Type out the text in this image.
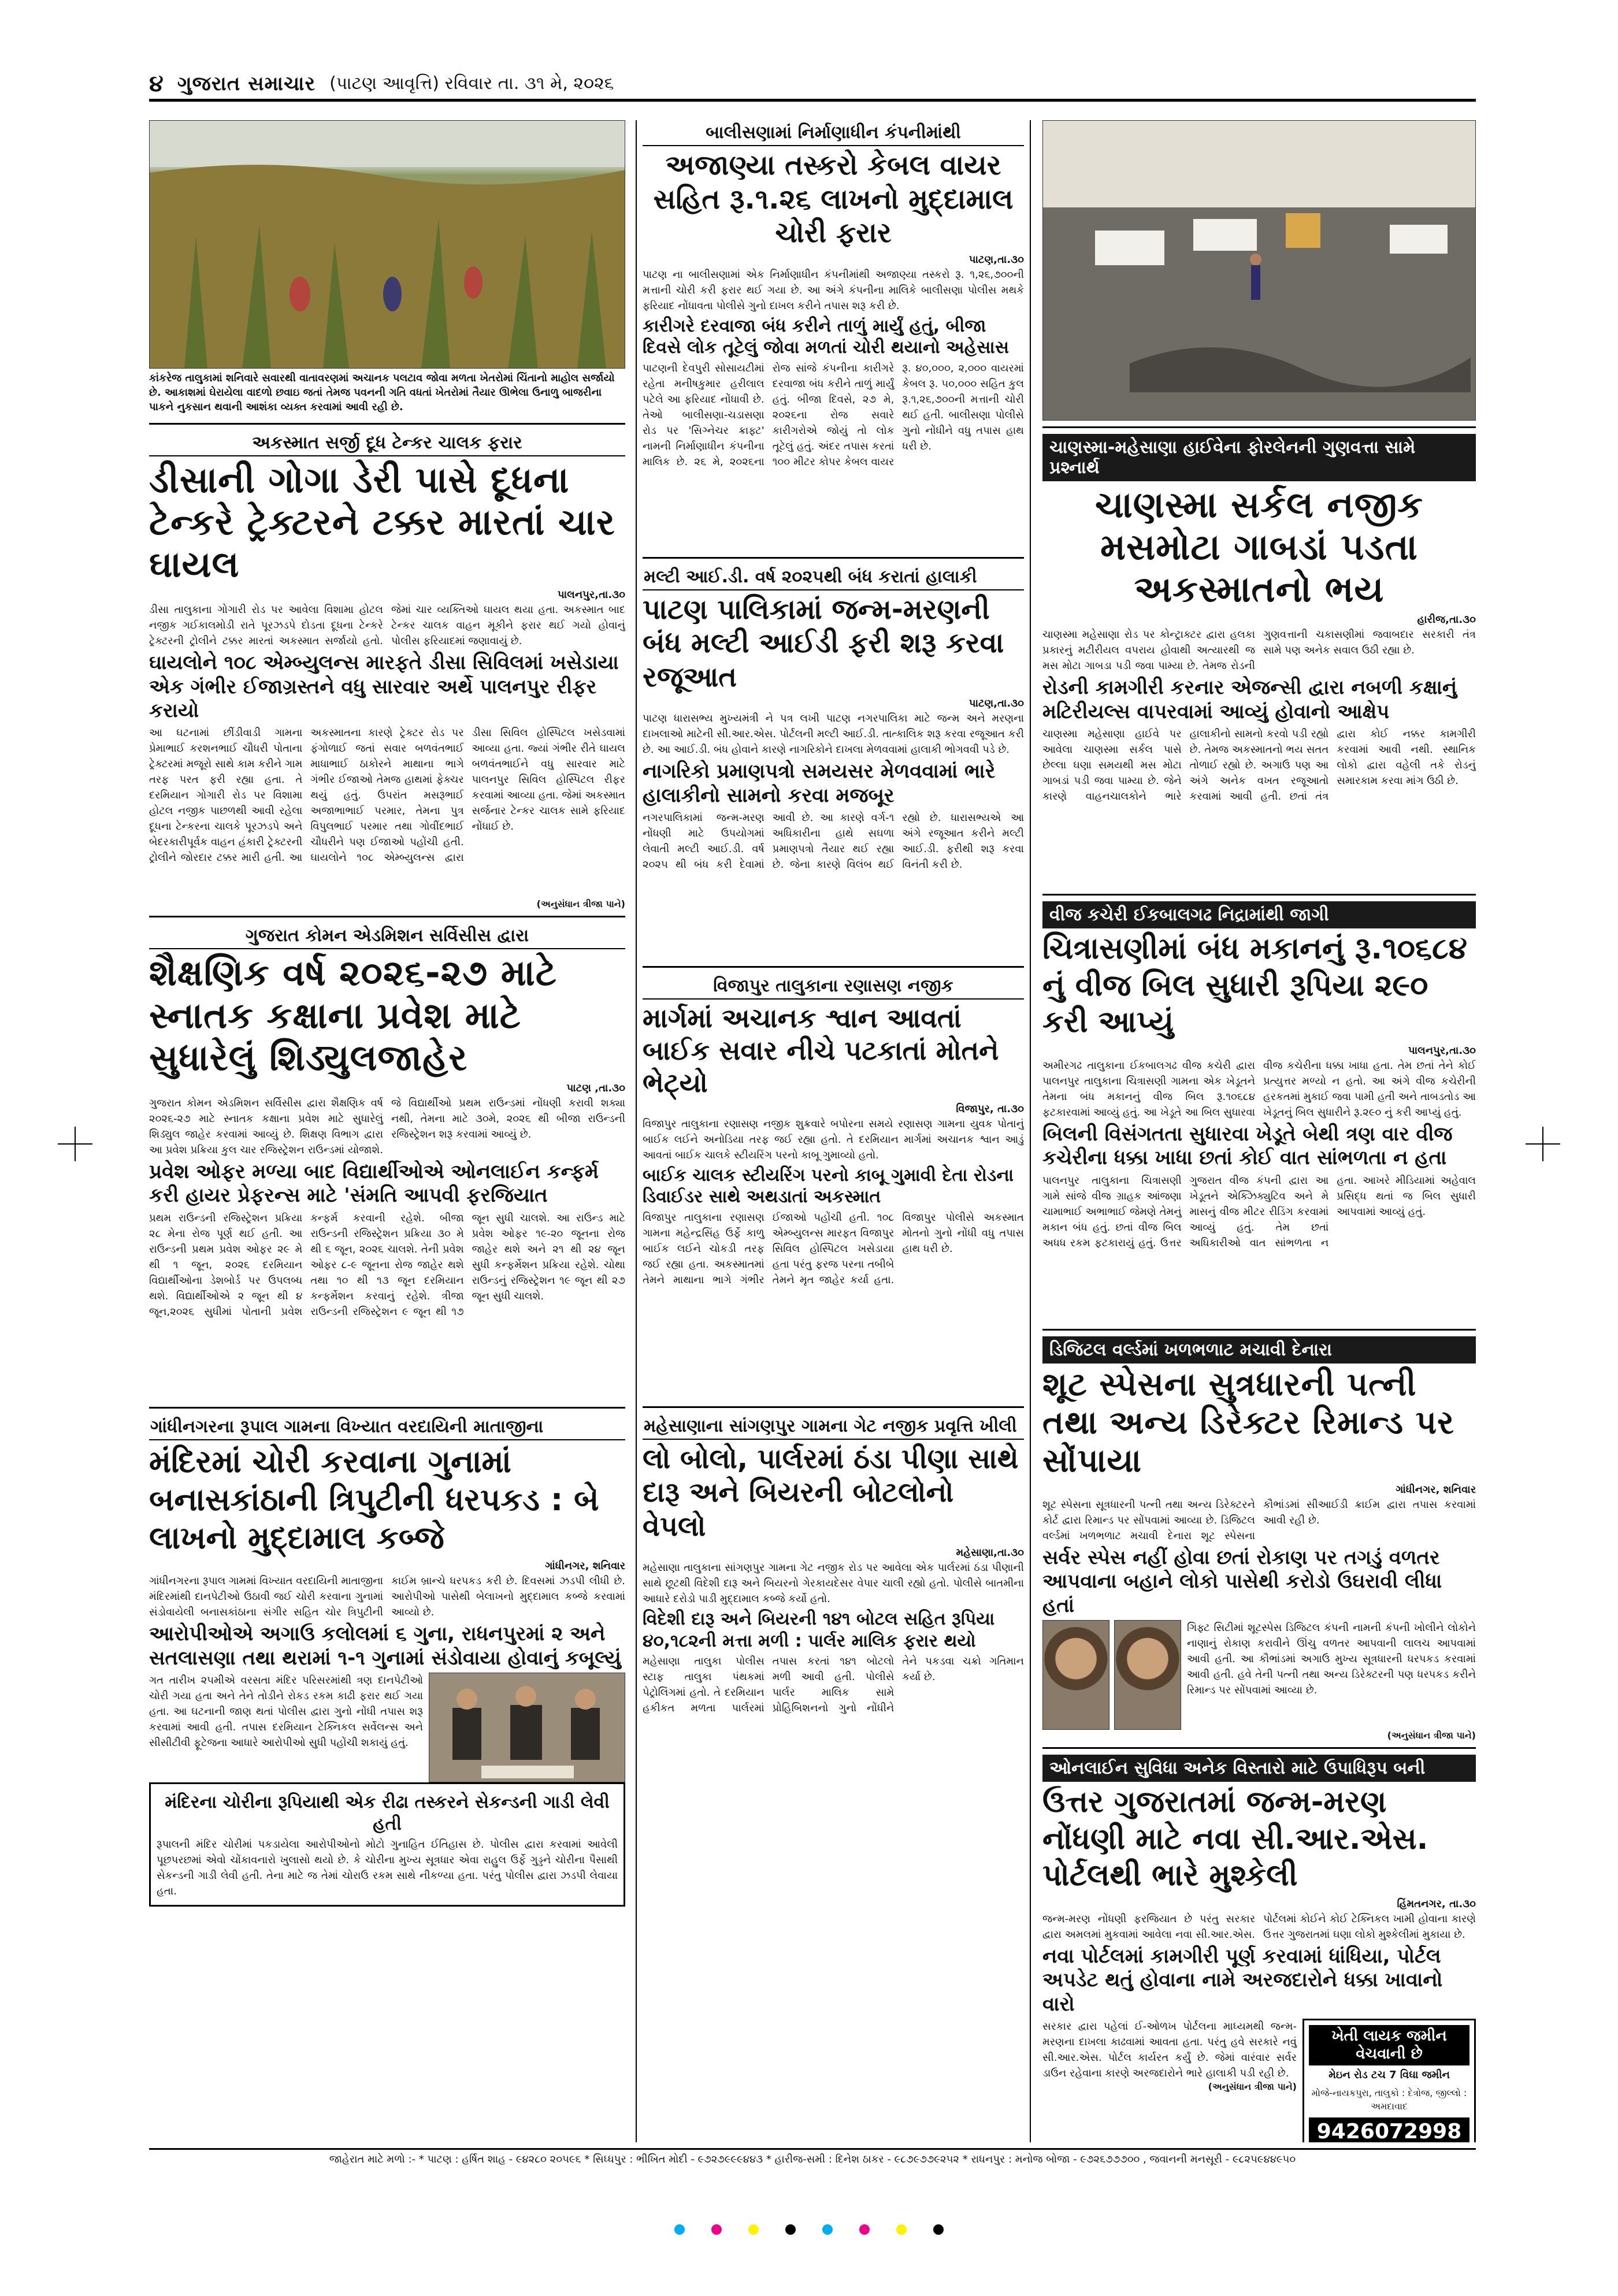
૪ ગુજરાત સમાચાર (પાટણ આવૃત્તિ) રવિવાર તા. ૩૧ મે, ૨૦૨૬
કાંકરેજ તાલુકામાં શનિવારે સવારથી વાતાવરણમાં અચાનક પલટાવ જોવા મળતા ખેતરોમાં ચિંતાનો માહોલ સર્જાયો છે. આકાશમાં ઘેરાયેલા વાદળો છવાઇ જતાં તેમજ પવનની ગતિ વધતાં ખેતરોમાં તૈયાર ઊભેલા ઉનાળુ બાજરીના પાકને નુકસાન થવાની આશંકા વ્યક્ત કરવામાં આવી રહી છે.
અકસ્માત સર્જી દૂધ ટેન્કર ચાલક ફરાર
ડીસાની ગોગા ડેરી પાસે દૂધના ટેન્કરે ટ્રેક્ટરને ટક્કર મારતાં ચાર ઘાયલ
પાલનપુર,તા.૩૦
ડીસા તાલુકાના ગોગારી રોડ પર આવેલા વિશામા હોટલ નજીક ગઈકાલમોડી રાતે પૂરઝડપે દોડતા દૂધના ટેન્કરે ટ્રેક્ટરની ટ્રોલીને ટક્કર મારતાં અકસ્માત સર્જાયો હતો. જેમાં ચાર વ્યક્તિઓ ઘાયલ થયા હતા. અકસ્માત બાદ ટેન્કર ચાલક વાહન મૂકીને ફરાર થઈ ગયો હોવાનું પોલીસ ફરિયાદમાં જણાવાયું છે.
ઘાયલોને ૧૦૮ એમ્બ્યુલન્સ મારફતે ડીસા સિવિલમાં ખસેડાયા એક ગંભીર ઈજાગ્રસ્તને વધુ સારવાર અર્થે પાલનપુર રીફર કરાયો
આ ઘટનામાં છીંડીવાડી ગામના પ્રેમાભાઈ કરશનભાઈ ચૌધરી પોતાના ટ્રેક્ટરમાં મજૂરો સાથે કામ કરીને ગામ તરફ પરત ફરી રહ્યા હતા. તે દરમિયાન ગોગારી રોડ પર વિશામા હોટલ નજીક પાછળથી આવી રહેલા દૂધના ટેન્કરના ચાલકે પૂરઝડપે અને બેદરકારીપૂર્વક વાહન હંકારી ટ્રેક્ટરની ટ્રોલીને જોરદાર ટક્કર મારી હતી. આ અકસ્માતના કારણે ટ્રેક્ટર રોડ પર ફંગોળાઈ જતાં સવાર બળવંતભાઈ માધાભાઈ ઠાકોરને માથાના ભાગે ગંભીર ઈજાઓ તેમજ હાથમાં ફેક્ચર થયું હતું. ઉપરાંત મસરૂભાઈ અજાભાભાઈ પરમાર, તેમના પુત્ર વિપુલભાઈ પરમાર તથા ગોવીંદભાઈ ચૌધરીને પણ ઈજાઓ પહોંચી હતી. ઘાયલોને ૧૦૮ એમ્બ્યુલન્સ દ્વારા ડીસા સિવિલ હોસ્પિટલ ખસેડવામાં આવ્યા હતા. જ્યાં ગંભીર રીતે ઘાયલ બળવંતભાઈને વધુ સારવાર માટે પાલનપુર સિવિલ હોસ્પિટલ રીફર કરવામાં આવ્યા હતા. જેમાં અકસ્માત સર્જનાર ટેન્કર ચાલક સામે ફરિયાદ નોંધાઈ છે.
(અનુસંધાન ત્રીજા પાને)
ગુજરાત કોમન એડમિશન સર્વિસીસ દ્વારા
શૈક્ષણિક વર્ષ ૨૦૨૬-૨૭ માટે સ્નાતક કક્ષાના પ્રવેશ માટે સુધારેલું શિડ્યુલજાહેર
પાટણ ,તા.૩૦
ગુજરાત કોમન એડમિશન સર્વિસીસ દ્વારા શૈક્ષણિક વર્ષ ૨૦૨૬-૨૭ માટે સ્નાતક કક્ષાના પ્રવેશ માટે સુધારેલું શિડ્યુલ જાહેર કરવામાં આવ્યું છે. શિક્ષણ વિભાગ દ્વારા આ પ્રવેશ પ્રક્રિયા કુલ ચાર રજિસ્ટ્રેશન રાઉન્ડમાં યોજાશે. જે વિદ્યાર્થીઓ પ્રથમ રાઉન્ડમાં નોંધણી કરાવી શક્યા નથી, તેમના માટે ૩૦મે, ૨૦૨૬ થી બીજા રાઉન્ડની રજિસ્ટ્રેશન શરૂ કરવામાં આવ્યું છે.
પ્રવેશ ઓફર મળ્યા બાદ વિદ્યાર્થીઓએ ઓનલાઈન કન્ફર્મ કરી હાયર પ્રેફરન્સ માટે 'સંમતિ આપવી ફરજિયાત
પ્રથમ રાઉન્ડની રજિસ્ટ્રેશન પ્રક્રિયા ૨૮ મેના રોજ પૂર્ણ થઈ હતી. આ રાઉન્ડની પ્રથમ પ્રવેશ ઓફર ૨૯ મે થી ૧ જૂન, ૨૦૨૬ દરમિયાન વિદ્યાર્થીઓના ડેશબોર્ડ પર ઉપલબ્ધ થશે. વિદ્યાર્થીઓએ ૨ જૂન થી ૪ જૂન,૨૦૨૬ સુધીમાં પોતાની પ્રવેશ કન્ફર્મ કરવાની રહેશે. બીજા રાઉન્ડની રજિસ્ટ્રેશન પ્રક્રિયા ૩૦ મે થી ૬ જૂન, ૨૦૨૬ ચાલશે. તેની પ્રવેશ ઓફર ૮-૯ જૂનના રોજ જાહેર થશે તથા ૧૦ થી ૧૩ જૂન દરમિયાન કન્ફર્મેશન કરવાનું રહેશે. ત્રીજા રાઉન્ડની રજિસ્ટ્રેશન ૯ જૂન થી ૧૭ જૂન સુધી ચાલશે. આ રાઉન્ડ માટે પ્રવેશ ઓફર ૧૯-૨૦ જૂનના રોજ જાહેર થશે અને ૨૧ થી ૨૪ જૂન સુધી કન્ફર્મેશન પ્રક્રિયા રહેશે. ચોથા રાઉન્ડનું રજિસ્ટ્રેશન ૧૯ જૂન થી ૨૭ જૂન સુધી ચાલશે.
ગાંધીનગરના રૂપાલ ગામના વિખ્યાત વરદાયિની માતાજીના
મંદિરમાં ચોરી કરવાના ગુનામાં બનાસકાંઠાની ત્રિપુટીની ધરપકડ : બે લાખનો મુદ્દામાલ કબ્જે
ગાંધીનગર, શનિવાર
ગાંધીનગરના રૂપાલ ગામમાં વિખ્યાત વરદાયિની માતાજીના મંદિરમાંથી દાનપેટીઓ ઉઠાવી જઈ ચોરી કરવાના ગુનામાં સંડોવાયેલી બનાસકાંઠાના સંગીર સહિત ચોર ત્રિપુટીની કાઈમ બ્રાન્ચે ધરપકડ કરી છે. દિવસમાં ઝડપી લીધી છે. આરોપીઓ પાસેથી બેલાખનો મુદ્દામાલ કબ્જે કરવામાં આવ્યો છે.
આરોપીઓએ અગાઉ કલોલમાં ૬ ગુના, રાધનપુરમાં ૨ અને સતલાસણા તથા થરામાં ૧-૧ ગુનામાં સંડોવાયા હોવાનું કબૂલ્યું
ગત તારીખ ૨૫મીએ વરસતા મંદિર પરિસરમાંથી ત્રણ દાનપેટીઓ ચોરી ગયા હતા અને તેને તોડીને રોકડ રકમ કાઢી ફરાર થઈ ગયા હતા. આ ઘટનાની જાણ થતાં પોલીસ દ્વારા ગુનો નોંધી તપાસ શરૂ કરવામાં આવી હતી. તપાસ દરમિયાન ટેક્નિકલ સર્વેલન્સ અને સીસીટીવી ફૂટેજના આધારે આરોપીઓ સુધી પહોંચી શકાયું હતું.
મંદિરના ચોરીના રૂપિયાથી એક રીઢા તસ્કરને સેકન્ડની ગાડી લેવી હતી
રૂપાલની મંદિર ચોરીમાં પકડાયેલા આરોપીઓનો મોટો ગુનાહિત ઈતિહાસ છે. પોલીસ દ્વારા કરવામાં આવેલી પૂછપરછમાં એવો ચોંકાવનારો ખુલાસો થયો છે. કે ચોરીના મુખ્ય સૂત્રધાર એવા રાહુલ ઉર્ફે ગુડ્ડને ચોરીના પૈસાથી સેકન્ડની ગાડી લેવી હતી. તેના માટે જ તેમાં ચોરાઉ રકમ સાથે નીકળ્યા હતા. પરંતુ પોલીસ દ્વારા ઝડપી લેવાયા હતા.
બાલીસણામાં નિર્માણાધીન કંપનીમાંથી
અજાણ્યા તસ્કરો કેબલ વાયર સહિત રૂ.૧.૨૬ લાખનો મુદ્દામાલ ચોરી ફરાર
પાટણ,તા.૩૦
પાટણ ના બાલીસણામાં એક નિર્માણાધીન કંપનીમાંથી અજાણ્યા તસ્કરો રૂ. ૧,૨૬,૭૦૦ની મત્તાની ચોરી કરી ફરાર થઈ ગયા છે. આ અંગે કંપનીના માલિકે બાલીસણા પોલીસ મથકે ફરિયાદ નોંધાવતા પોલીસે ગુનો દાખલ કરીને તપાસ શરૂ કરી છે.
કારીગરે દરવાજા બંધ કરીને તાળું માર્યું હતું, બીજા દિવસે લોક તૂટેલું જોવા મળતાં ચોરી થયાનો અહેસાસ
પાટણની દેવપુરી સોસાયટીમાં રહેતા મનીષકુમાર હરીલાલ પટેલે આ ફરિયાદ નોંધાવી છે. તેઓ બાલીસણા-ચડાસણા રોડ પર 'સિગ્નેચર ક્રાફ્ટ' નામની નિર્માણાધીન કંપનીના માલિક છે. ૨૬ મે, ૨૦૨૬ના રોજ સાંજે કંપનીના કારીગરે દરવાજા બંધ કરીને તાળું માર્યું હતું. બીજા દિવસે, ૨૭ મે, ૨૦૨૬ના રોજ સવારે કારીગરોએ જોયું તો લોક તૂટેલું હતું. અંદર તપાસ કરતાં ૧૦૦ મીટર કોપર કેબલ વાયર રૂ. ૪૦,૦૦૦, ૨,૦૦૦ વાયરમાં કેબલ રૂ. ૫૦,૦૦૦ સહિત કુલ રૂ.૧,૨૬,૭૦૦ની મત્તાની ચોરી થઈ હતી. બાલીસણા પોલીસે ગુનો નોંધીને વધુ તપાસ હાથ ધરી છે.
મલ્ટી આઈ.ડી. વર્ષ ૨૦૨૫થી બંધ કરાતાં હાલાકી
પાટણ પાલિકામાં જન્મ-મરણની બંધ મલ્ટી આઈડી ફરી શરૂ કરવા રજૂઆત
પાટણ,તા.૩૦
પાટણ ધારાસભ્ય મુખ્યમંત્રી ને પત્ર લખી પાટણ નગરપાલિકા માટે જન્મ અને મરણના દાખલાઓ માટેની સી.આર.એસ. પોર્ટલની મલ્ટી આઈ.ડી. તાત્કાલિક શરૂ કરવા રજૂઆત કરી છે. આ આઈ.ડી. બંધ હોવાને કારણે નાગરિકોને દાખલા મેળવવામાં હાલાકી ભોગવવી પડે છે.
નાગરિકો પ્રમાણપત્રો સમયસર મેળવવામાં ભારે હાલાકીનો સામનો કરવા મજબૂર
નગરપાલિકામાં જન્મ-મરણ નોંધણી માટે ઉપયોગમાં લેવાતી મલ્ટી આઈ.ડી. વર્ષ ૨૦૨૫ થી બંધ કરી દેવામાં આવી છે. આ કારણે વર્ગ-૧ અધિકારીના હાથે સઘળા પ્રમાણપત્રો તૈયાર થઈ રહ્યા છે. જેના કારણે વિલંબ થઈ રહ્યો છે. ધારાસભ્યએ આ અંગે રજૂઆત કરીને મલ્ટી આઈ.ડી. ફરીથી શરૂ કરવા વિનંતી કરી છે.
વિજાપુર તાલુકાના રણાસણ નજીક
માર્ગમાં અચાનક શ્વાન આવતાં બાઈક સવાર નીચે પટકાતાં મોતને ભેટ્યો
વિજાપુર, તા.૩૦
વિજાપુર તાલુકાના રણાસણ નજીક શુક્રવારે બપોરના સમયે રણાસણ ગામના યુવક પોતાનું બાઈક લઈને અનોડિયા તરફ જઈ રહ્યા હતો. તે દરમિયાન માર્ગમાં અચાનક શ્વાન આડું આવતાં બાઈક ચાલકે સ્ટીયરિંગ પરનો કાબૂ ગુમાવ્યો હતો.
બાઈક ચાલક સ્ટીયરિંગ પરનો કાબૂ ગુમાવી દેતા રોડના ડિવાઈડર સાથે અથડાતાં અકસ્માત
વિજાપુર તાલુકાના રણાસણ ગામના મહેન્દ્રસિંહ ઉર્ફે કાળુ બાઈક લઈને ચોકડી તરફ જઈ રહ્યા હતા. અકસ્માતમાં તેમને માથાના ભાગે ગંભીર ઈજાઓ પહોંચી હતી. ૧૦૮ એમ્બ્યુલન્સ મારફત વિજાપુર સિવિલ હોસ્પિટલ ખસેડાયા હતા પરંતુ ફરજ પરના તબીબે તેમને મૃત જાહેર કર્યા હતા. વિજાપુર પોલીસે અકસ્માત મોતનો ગુનો નોંધી વધુ તપાસ હાથ ધરી છે.
મહેસાણાના સાંગણપુર ગામના ગેટ નજીક પ્રવૃત્તિ ખીલી
લો બોલો, પાર્લરમાં ઠંડા પીણા સાથે દારૂ અને બિયરની બોટલોનો વેપલો
મહેસાણા,તા.૩૦
મહેસાણા તાલુકાના સાંગણપુર ગામના ગેટ નજીક રોડ પર આવેલા એક પાર્લરમાં ઠંડા પીણાની સાથે છૂટથી વિદેશી દારૂ અને બિયરનો ગેરકાયદેસર વેપાર ચાલી રહ્યો હતો. પોલીસે બાતમીના આધારે દરોડો પાડી મુદ્દામાલ કબ્જે કર્યો હતો.
વિદેશી દારૂ અને બિયરની ૧૪૧ બોટલ સહિત રૂપિયા ૪૦,૧૮૨ની મત્તા મળી : પાર્લર માલિક ફરાર થયો
મહેસાણા તાલુકા પોલીસ સ્ટાફ તાલુકા પંથકમાં પેટ્રોલિંગમાં હતો. તે દરમિયાન હકીકત મળતા પાર્લરમાં તપાસ કરતાં ૧૪૧ બોટલો મળી આવી હતી. પોલીસે પાર્લર માલિક સામે પ્રોહિબિશનનો ગુનો નોંધીને તેને પકડવા ચક્રો ગતિમાન કર્યા છે.
ચાણસ્મા-મહેસાણા હાઈવેના ફોરલેનની ગુણવત્તા સામે પ્રશ્નાર્થ
ચાણસ્મા સર્કલ નજીક મસમોટા ગાબડાં પડતા અકસ્માતનો ભય
હારીજ,તા.૩૦
ચાણસ્મા મહેસાણા રોડ પર કોન્ટ્રાક્ટર દ્વારા હલકા પ્રકારનું મટીરીયલ વપરાય હોવાથી અત્યારથી જ મસ મોટા ગાબડા પડી જવા પામ્યા છે. તેમજ રોડની ગુણવત્તાની ચકાસણીમાં જવાબદાર સરકારી તંત્ર સામે પણ અનેક સવાલ ઉઠી રહ્યા છે.
રોડની કામગીરી કરનાર એજન્સી દ્વારા નબળી કક્ષાનું મટિરીયલ્સ વાપરવામાં આવ્યું હોવાનો આક્ષેપ
ચાણસ્મા મહેસાણા હાઈવે પર આવેલા ચાણસ્મા સર્કલ પાસે છેલ્લા ઘણા સમયથી મસ મોટા ગાબડાં પડી જવા પામ્યા છે. જેને કારણે વાહનચાલકોને ભારે હાલાકીનો સામનો કરવો પડી રહ્યો છે. તેમજ અકસ્માતનો ભય સતત તોળાઈ રહ્યો છે. અગાઉ પણ આ અંગે અનેક વખત રજૂઆતો કરવામાં આવી હતી. છતાં તંત્ર દ્વારા કોઈ નક્કર કામગીરી કરવામાં આવી નથી. સ્થાનિક લોકો દ્વારા વહેલી તકે રોડનું સમારકામ કરવા માંગ ઉઠી છે.
વીજ કચેરી ઈકબાલગઢ નિદ્રામાંથી જાગી
ચિત્રાસણીમાં બંધ મકાનનું રૂ.૧૦૬૮૪ નું વીજ બિલ સુધારી રૂપિયા ૨૯૦ કરી આપ્યું
પાલનપુર,તા.૩૦
અમીરગઢ તાલુકાના ઈકબાલગઢ વીજ કચેરી દ્વારા પાલનપુર તાલુકાના ચિત્રાસણી ગામના એક ખેડૂતને તેમના બંધ મકાનનું વીજ બિલ રૂ.૧૦૬૮૪ ફટકારવામાં આવ્યું હતું. આ ખેડૂતે આ બિલ સુધારવા વીજ કચેરીના ધક્કા ખાધા હતા. તેમ છતાં તેને કોઈ પ્રત્યુત્તર મળ્યો ન હતો. આ અંગે વીજ કચેરીની હરકતમાં મુકાઈ જવા પામી હતી અને તાબડતોડ આ ખેડૂતનું બિલ સુધારીને રૂ.૨૯૦ નું કરી આપ્યું હતું.
બિલની વિસંગતતા સુધારવા ખેડૂતે બેથી ત્રણ વાર વીજ કચેરીના ધક્કા ખાધા છતાં કોઈ વાત સાંભળતા ન હતા
પાલનપુર તાલુકાના ચિત્રાસણી ગામે સાંજે વીજ ગ્રાહક આંજણા ચામાભાઈ અભાભાઈ જેમણે તેમનું મકાન બંધ હતું. છતાં વીજ બિલ અધધ રકમ ફટકારાયું હતું. ઉત્તર ગુજરાત વીજ કંપની દ્વારા આ ખેડૂતને એક્ઝિક્યુટિવ અને મે માસનું વીજ મીટર રીડિંગ કરવામાં આવ્યું હતું. તેમ છતાં અધિકારીઓ વાત સાંભળતા ન હતા. આખરે મીડિયામાં અહેવાલ પ્રસિદ્ધ થતાં જ બિલ સુધારી આપવામાં આવ્યું હતું.
ડિજિટલ વર્લ્ડમાં ખળભળાટ મચાવી દેનારા
શૂટ સ્પેસના સુત્રધારની પત્ની તથા અન્ય ડિરેક્ટર રિમાન્ડ પર સોંપાયા
ગાંધીનગર, શનિવાર
શૂટ સ્પેસના સૂત્રધારની પત્ની તથા અન્ય ડિરેક્ટરને કોર્ટ દ્વારા રિમાન્ડ પર સોંપવામાં આવ્યા છે. ડિજિટલ વર્લ્ડમાં ખળભળાટ મચાવી દેનારા શૂટ સ્પેસના કૌભાંડમાં સીઆઈડી ક્રાઈમ દ્વારા તપાસ કરવામાં આવી રહી છે.
સર્વર સ્પેસ નહીં હોવા છતાં રોકાણ પર તગડું વળતર આપવાના બહાને લોકો પાસેથી કરોડો ઉઘરાવી લીધા હતાં
ગિફ્ટ સિટીમાં શૂટસ્પેસ ડિજિટલ કંપની નામની કંપની ખોલીને લોકોને નાણાનું રોકાણ કરાવીને ઊંચુ વળતર આપવાની લાલચ આપવામાં આવી હતી. આ કૌભાંડમાં અગાઉ મુખ્ય સૂત્રધારની ધરપકડ કરવામાં આવી હતી. હવે તેની પત્ની તથા અન્ય ડિરેક્ટરની પણ ધરપકડ કરીને રિમાન્ડ પર સોંપવામાં આવ્યા છે.
(અનુસંધાન ત્રીજા પાને)
ઓનલાઈન સુવિધા અનેક વિસ્તારો માટે ઉપાધિરૂપ બની
ઉત્તર ગુજરાતમાં જન્મ-મરણ નોંધણી માટે નવા સી.આર.એસ. પોર્ટલથી ભારે મુશ્કેલી
હિંમતનગર, તા.૩૦
જન્મ-મરણ નોંધણી ફરજિયાત છે પરંતુ સરકાર દ્વારા અમલમાં મુકવામાં આવેલા નવા સી.આર.એસ. પોર્ટલમાં કોઈને કોઈ ટેક્નિકલ ખામી હોવાના કારણે ઉત્તર ગુજરાતમાં ઘણા લોકો મુશ્કેલીમાં મુકાયા છે.
નવા પોર્ટલમાં કામગીરી પૂર્ણ કરવામાં ધાંધિયા, પોર્ટલ અપડેટ થતું હોવાના નામે અરજદારોને ધક્કા ખાવાનો વારો
ખેતી લાયક જમીન વેચવાની છે
મેઇન રોડ ટચ 7 વિઘા જમીન
મોજે-નાયકપુરા, તાલુકો : દેત્રોજ, જીલ્લો : અમદાવાદ
9426072998
સરકાર દ્વારા પહેલાં ઈ-ઓળખ પોર્ટલના માધ્યમથી જન્મ-મરણના દાખલા કાઢવામાં આવતા હતા. પરંતુ હવે સરકારે નવું સી.આર.એસ. પોર્ટલ કાર્યરત કર્યું છે. જેમાં વારંવાર સર્વર ડાઉન રહેવાના કારણે અરજદારોને ભારે હાલાકી પડી રહી છે.
(અનુસંધાન ત્રીજા પાને)
જાહેરાત માટે મળો :- * પાટણ : હર્ષિત શાહ - ૯૪૨૮૦ ૨૦૫૯૬ * સિધ્ધપુર : ભીખિત મોદી - ૯૭૨૭૯૯૯૪૪૩ * હારીજ-સમી : દિનેશ ઠાકર - ૯૮૭૯૭૭૯૨૫૨ * રાધનપુર : મનોજ બોજા - ૯૭૨૬૭૭૭૦૦ , જવાનની મનસૂરી - ૯૮૨૫૯૪૪૯૫૦
